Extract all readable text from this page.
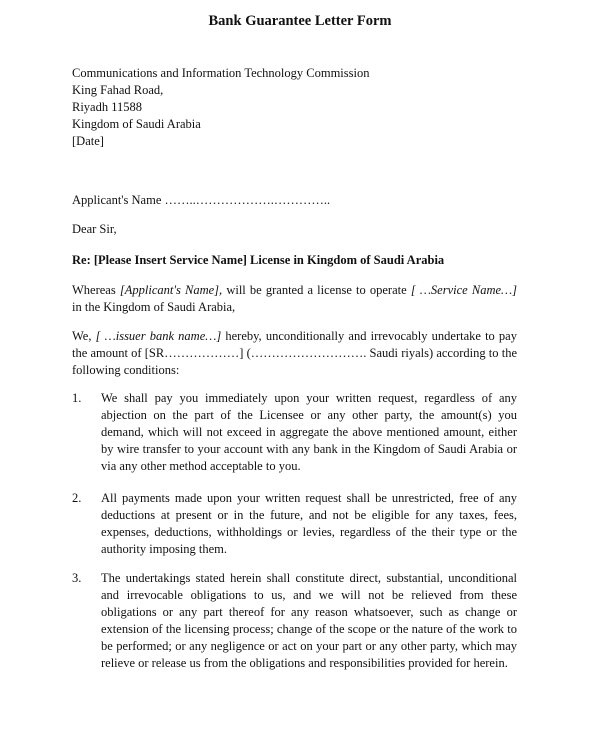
Bank Guarantee Letter Form
Communications and Information Technology Commission
King Fahad Road,
Riyadh 11588
Kingdom of Saudi Arabia
[Date]
Applicant's Name ……..……………….…………..
Dear Sir,
Re: [Please Insert Service Name] License in Kingdom of Saudi Arabia
Whereas [Applicant's Name], will be granted a license to operate [ …Service Name…] in the Kingdom of Saudi Arabia,
We, [ …issuer bank name…] hereby, unconditionally and irrevocably undertake to pay the amount of [SR………………] (………………………. Saudi riyals) according to the following conditions:
1.	We shall pay you immediately upon your written request, regardless of any abjection on the part of the Licensee or any other party, the amount(s) you demand, which will not exceed in aggregate the above mentioned amount, either by wire transfer to your account with any bank in the Kingdom of Saudi Arabia or via any other method acceptable to you.
2.	All payments made upon your written request shall be unrestricted, free of any deductions at present or in the future, and not be eligible for any taxes, fees, expenses, deductions, withholdings or levies, regardless of the their type or the authority imposing them.
3.	The undertakings stated herein shall constitute direct, substantial, unconditional and irrevocable obligations to us, and we will not be relieved from these obligations or any part thereof for any reason whatsoever, such as change or extension of the licensing process; change of the scope or the nature of the work to be performed; or any negligence or act on your part or any other party, which may relieve or release us from the obligations and responsibilities provided for herein.
